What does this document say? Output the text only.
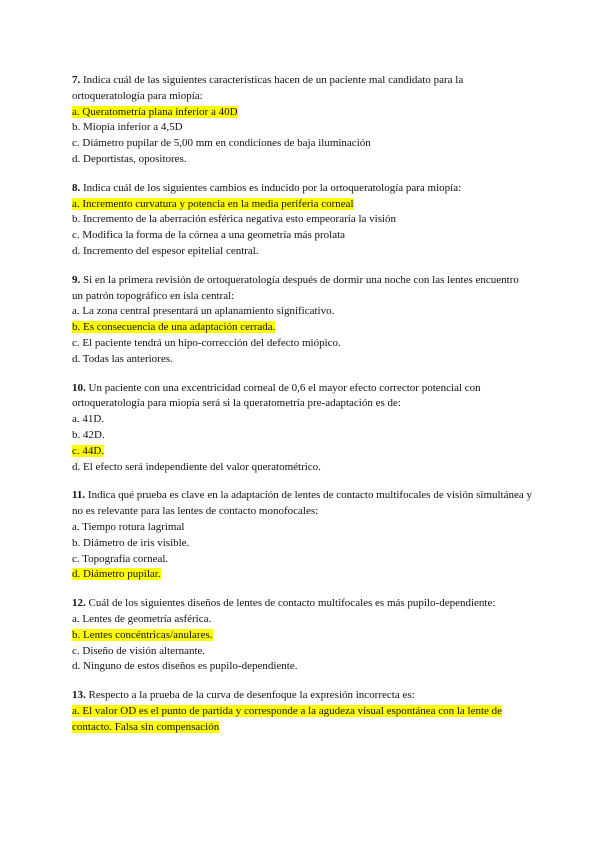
7. Indica cuál de las siguientes características hacen de un paciente mal candidato para la ortoqueratología para miopía:
a. Queratometría plana inferior a 40D
b. Miopía inferior a 4,5D
c. Diámetro pupilar de 5,00 mm en condiciones de baja iluminación
d. Deportistas, opositores.
8. Indica cuál de los siguientes cambios es inducido por la ortoqueratología para miopía:
a. Incremento curvatura y potencia en la media periferia corneal
b. Incremento de la aberración esférica negativa esto empeoraría la visión
c. Modifica la forma de la córnea a una geometría más prolata
d. Incremento del espesor epitelial central.
9. Si en la primera revisión de ortoqueratología después de dormir una noche con las lentes encuentro un patrón topográfico en isla central:
a. La zona central presentará un aplanamiento significativo.
b. Es consecuencia de una adaptación cerrada.
c. El paciente tendrá un hipo-corrección del defecto miópico.
d. Todas las anteriores.
10. Un paciente con una excentricidad corneal de 0,6 el mayor efecto corrector potencial con ortoqueratología para miopía será si la queratometría pre-adaptación es de:
a. 41D.
b. 42D.
c. 44D.
d. El efecto será independiente del valor queratométrico.
11. Indica qué prueba es clave en la adaptación de lentes de contacto multifocales de visión simultánea y no es relevante para las lentes de contacto monofocales:
a. Tiempo rotura lagrimal
b. Diámetro de iris visible.
c. Topografía corneal.
d. Diámetro pupilar.
12. Cuál de los siguientes diseños de lentes de contacto multifocales es más pupilo-dependiente:
a. Lentes de geometría asférica.
b. Lentes concéntricas/anulares.
c. Diseño de visión alternante.
d. Ninguno de estos diseños es pupilo-dependiente.
13. Respecto a la prueba de la curva de desenfoque la expresión incorrecta es:
a. El valor OD es el punto de partida y corresponde a la agudeza visual espontánea con la lente de contacto. Falsa sin compensación
